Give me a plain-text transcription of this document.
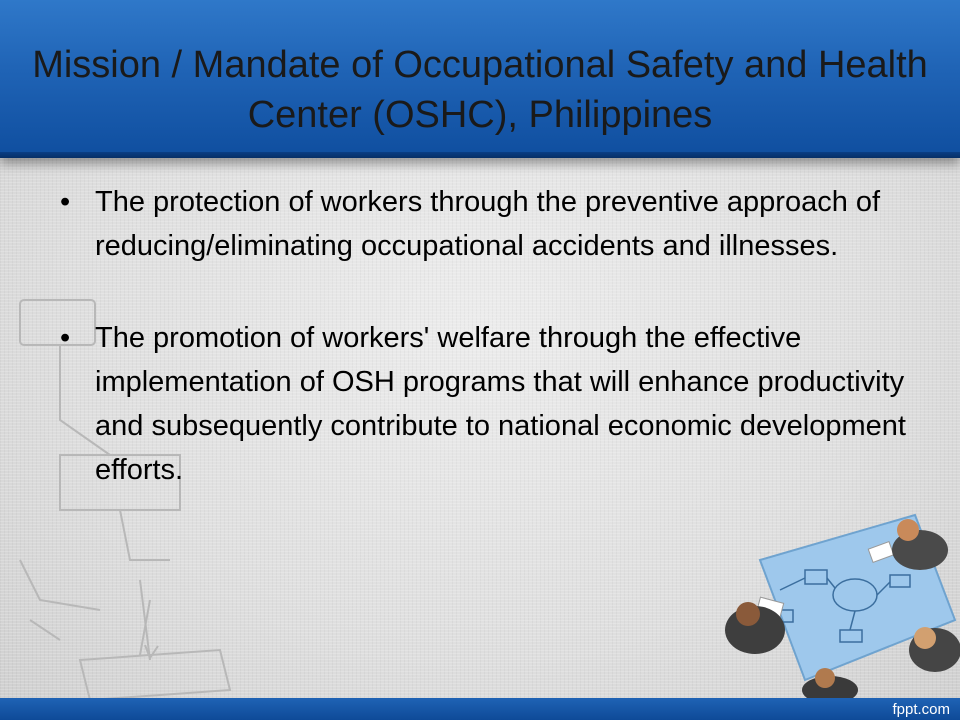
Mission / Mandate of Occupational Safety and Health Center (OSHC), Philippines
• The protection of workers through the preventive approach of reducing/eliminating occupational accidents and illnesses.
• The promotion of workers' welfare through the effective implementation of OSH programs that will enhance productivity and subsequently contribute to national economic development efforts.
fppt.com
